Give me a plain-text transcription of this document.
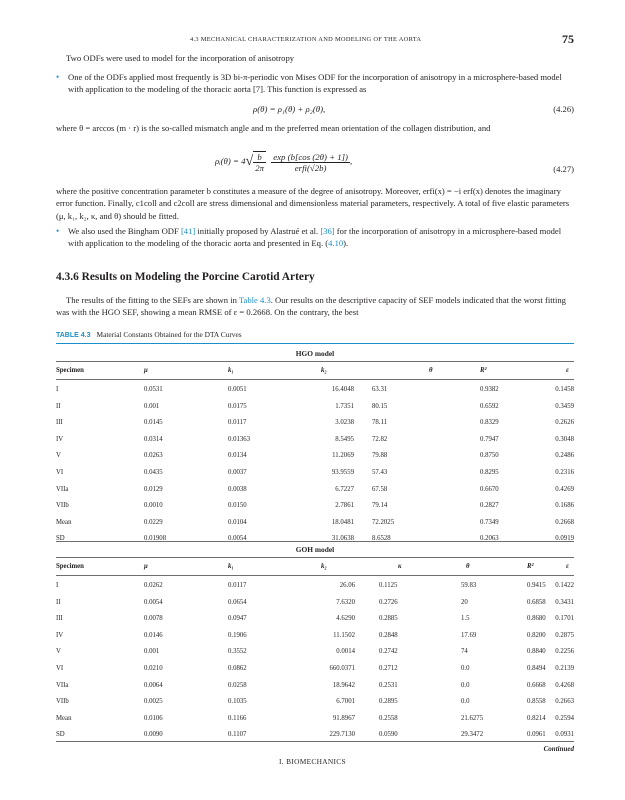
4.3 MECHANICAL CHARACTERIZATION AND MODELING OF THE AORTA	75
Two ODFs were used to model for the incorporation of anisotropy
• One of the ODFs applied most frequently is 3D bi-π-periodic von Mises ODF for the incorporation of anisotropy in a microsphere-based model with application to the modeling of the thoracic aorta [7]. This function is expressed as
ρ(θ) = ρ₁(θ) + ρ₂(θ),	(4.26)
where θ = arccos (m · r) is the so-called mismatch angle and m the preferred mean orientation of the collagen distribution, and
ρᵢ(θ) = $4√ \frac{b}{2\pi}$
$\frac{\exp (b[\cos (2\theta) + 1])}{\text{erfi(√2b)}}$ ,
(4.27)
where the positive concentration parameter b constitutes a measure of the degree of anisotropy. Moreover, erfi(x) = −i erf(x) denotes the imaginary error function. Finally, c1coll and c2coll are stress dimensional and dimensionless material parameters, respectively. A total of five elastic parameters (μ, k₁, k₂, κ, and θ) should be fitted.
• We also used the Bingham ODF [41] initially proposed by Alastrué et al. [36] for the incorporation of anisotropy in a microsphere-based model with application to the modeling of the thoracic aorta and presented in Eq. (4.10).
4.3.6 Results on Modeling the Porcine Carotid Artery
The results of the fitting to the SEFs are shown in Table 4.3. Our results on the descriptive capacity of SEF models indicated that the worst fitting was with the HGO SEF, showing a mean RMSE of ε = 0.2668. On the contrary, the best
TABLE 4.3 Material Constants Obtained for the DTA Curves
HGO model
Specimen	μ	k₁	k₂	θ	R²	ε
I	0.0531	0.0051	16.4048	63.31	0.9382	0.1458
II	0.001	0.0175	1.7351	80.15	0.6592	0.3459
III	0.0145	0.0117	3.0238	78.11	0.8329	0.2626
IV	0.0314	0.01363	8.5495	72.82	0.7947	0.3048
V	0.0263	0.0134	11.2069	79.88	0.8750	0.2486
VI	0.0435	0.0037	93.9559	57.43	0.8295	0.2316
VIIa	0.0129	0.0038	6.7227	67.58	0.6670	0.4269
VIIb	0.0010	0.0150	2.7861	79.14	0.2827	0.1686
Mean	0.0229	0.0104	18.0481	72.2025	0.7349	0.2668
SD	0.01908	0.0054	31.0638	8.6528	0.2063	0.0919
GOH model
Specimen	μ	k₁	k₂	κ	θ	R²	ε
I	0.0262	0.0117	26.06	0.1125	59.83	0.9415 0.1422
II	0.0054	0.0654	7.6320	0.2726	20	0.6858 0.3431
III	0.0078	0.0947	4.6290	0.2885	1.5	0.8680 0.1701
IV	0.0146	0.1906	11.1502	0.2848	17.69	0.8200 0.2875
V	0.001	0.3552	0.0014	0.2742	74	0.8840 0.2256
VI	0.0210	0.0862	660.0371	0.2712	0.0	0.8494 0.2139
VIIa	0.0064	0.0258	18.9642	0.2531	0.0	0.6668 0.4268
VIIb	0.0025	0.1035	6.7001	0.2895	0.0	0.8558 0.2663
Mean	0.0106	0.1166	91.8967	0.2558	21.6275	0.8214 0.2594
SD	0.0090	0.1107	229.7130	0.0590	29.3472	0.0961 0.0931
Continued
I. BIOMECHANICS
